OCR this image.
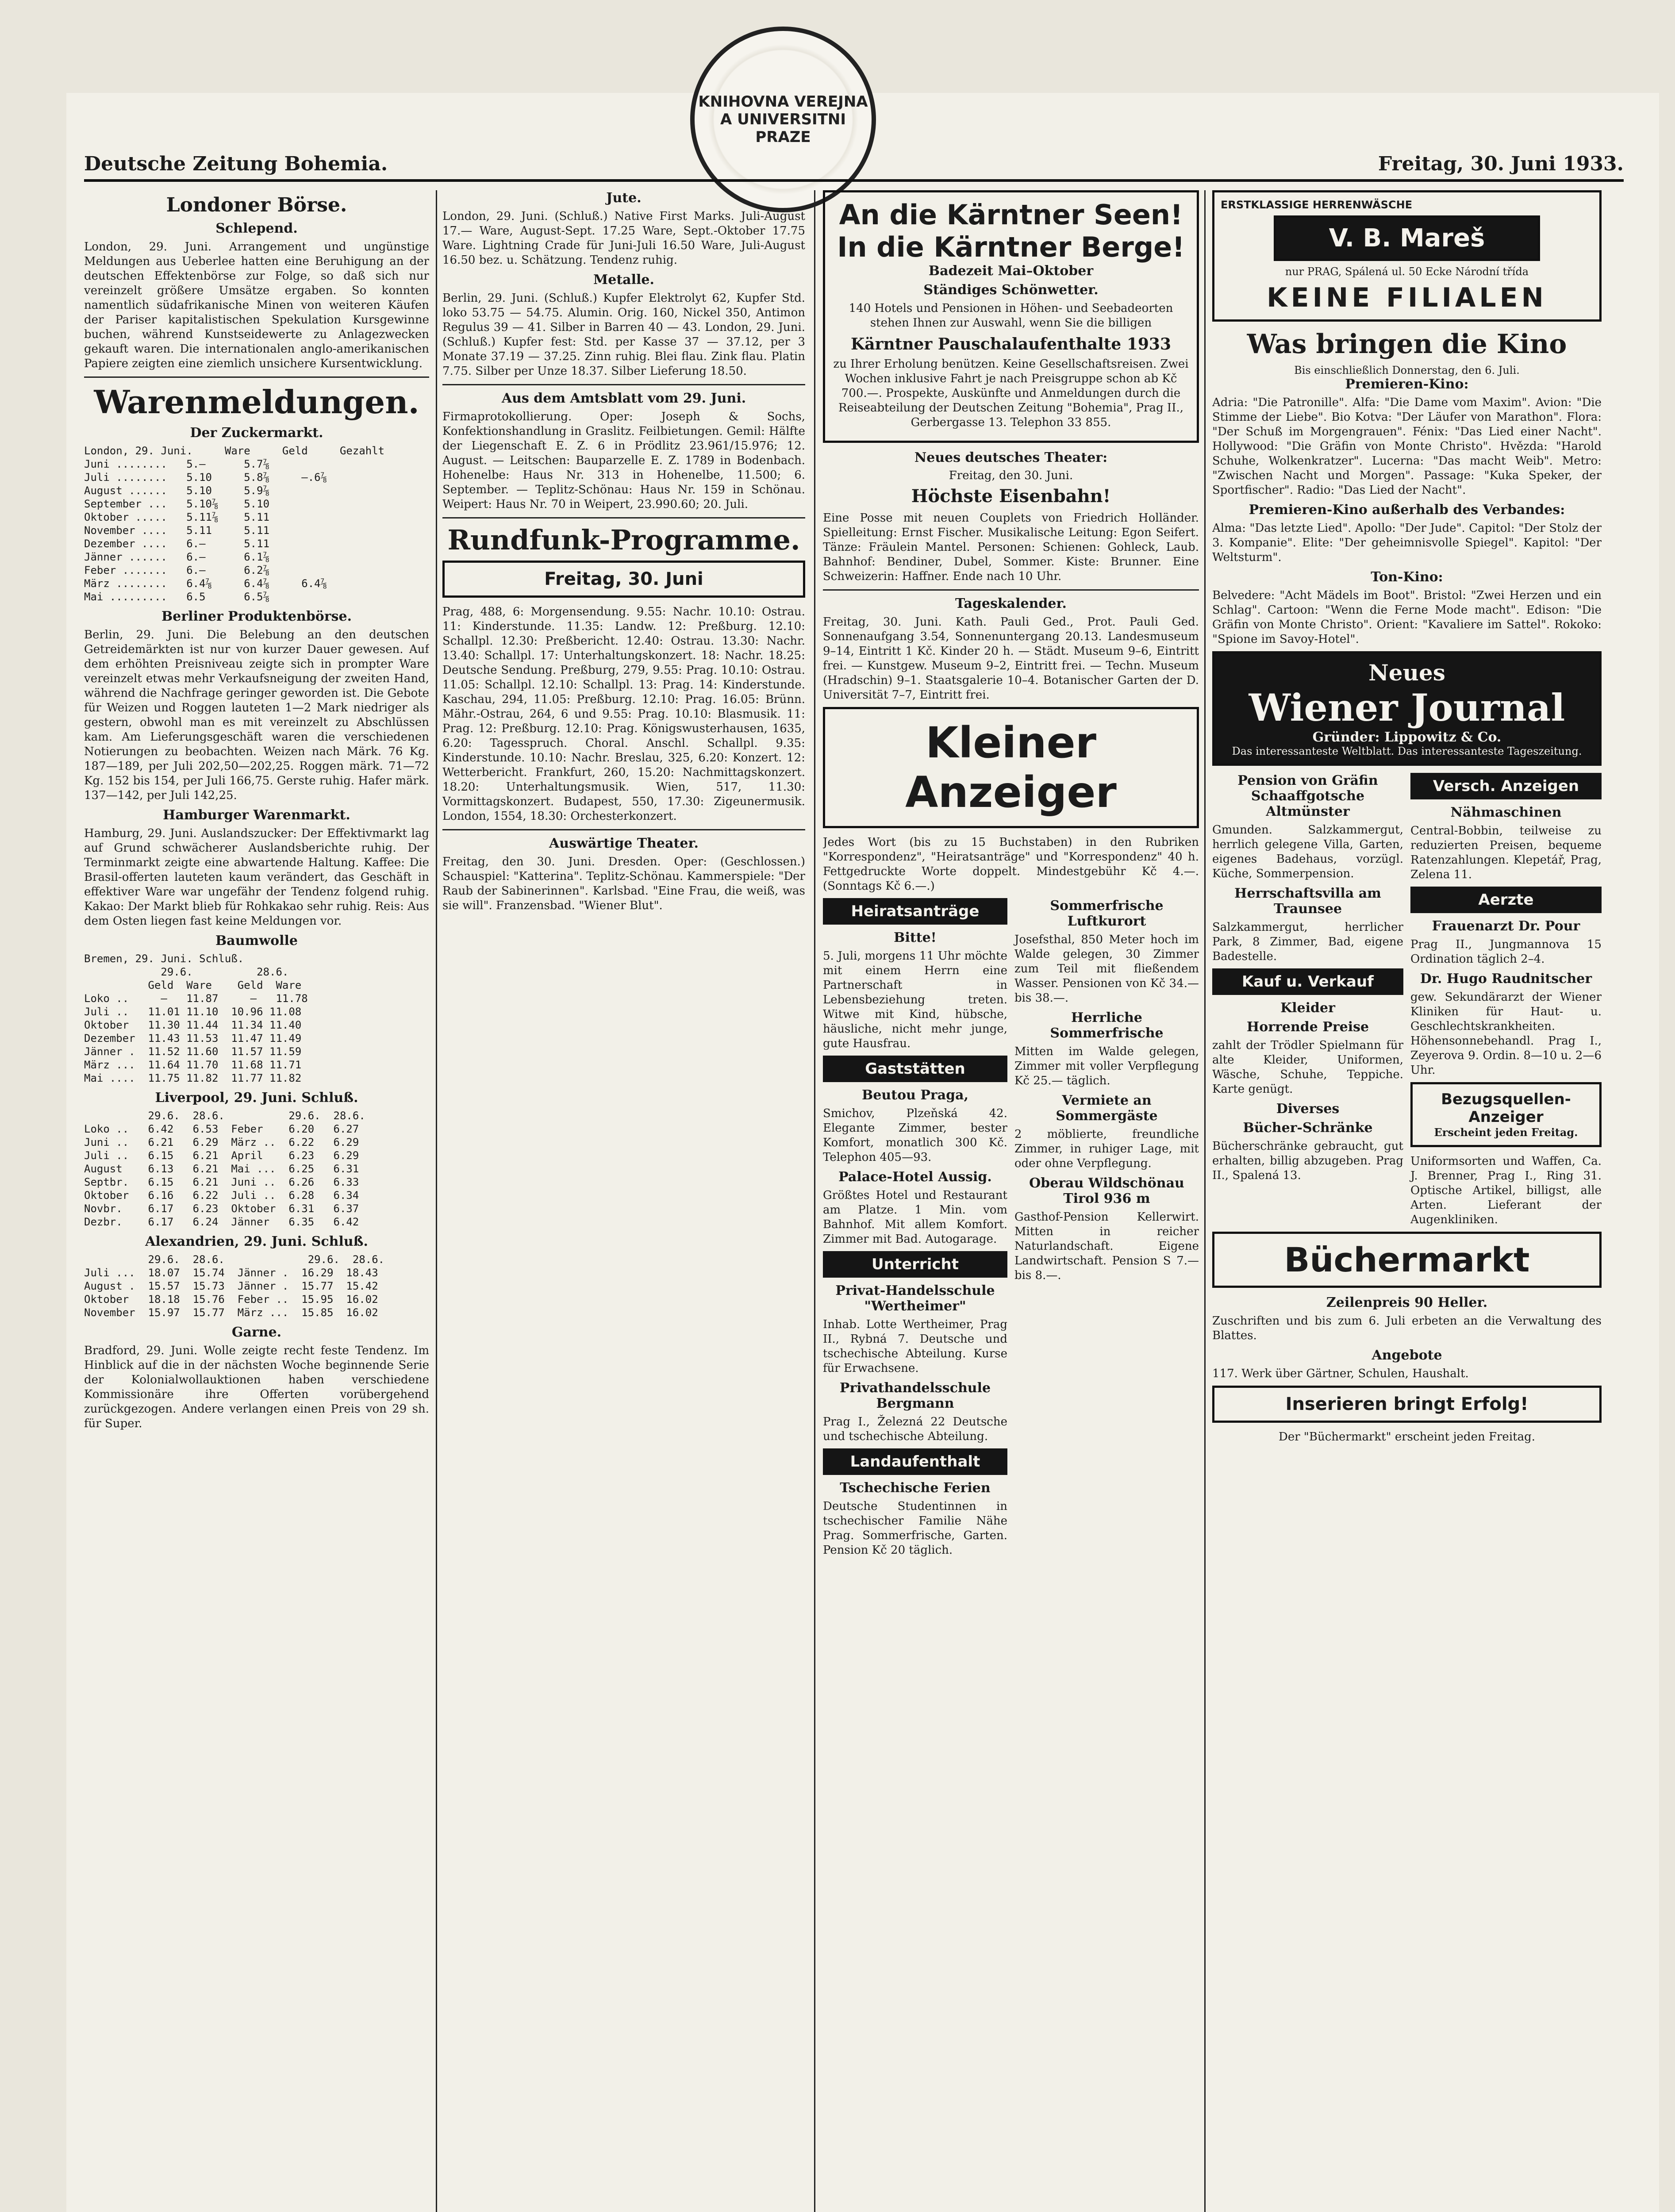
KNIHOVNA VEREJNA A UNIVERSITNI PRAZE
Deutsche Zeitung Bohemia.	Freitag, 30. Juni 1933.
Londoner Börse.
Schlepend.

London, 29. Juni. Arrangement und ungünstige Meldungen aus Ueberlee hatten eine Beruhigung an der deutschen Effektenbörse zur Folge, so daß sich nur vereinzelt größere Umsätze ergaben. So konnten namentlich südafrikanische Minen von weiteren Käufen der Pariser kapitalistischen Spekulation Kursgewinne buchen, während Kunstseidewerte zu Anlagezwecken gekauft waren. Die internationalen anglo-amerikanischen Papiere zeigten eine ziemlich unsichere Kursentwicklung.

Warenmeldungen.
Der Zuckermarkt.
London, 29. Juni.     Ware     Geld     Gezahlt
Juni ........   5.—      5.7⅞
Juli ........   5.10     5.8⅞     —.6⅞
August ......   5.10     5.9⅞
September ...   5.10⅞    5.10
Oktober .....   5.11⅞    5.11
November ....   5.11     5.11
Dezember ....   6.—      5.11
Jänner ......   6.—      6.1⅞
Feber .......   6.—      6.2⅞
März ........   6.4⅞     6.4⅞     6.4⅞
Mai .........   6.5      6.5⅞
Berliner Produktenbörse.

Berlin, 29. Juni. Die Belebung an den deutschen Getreidemärkten ist nur von kurzer Dauer gewesen. Auf dem erhöhten Preisniveau zeigte sich in prompter Ware vereinzelt etwas mehr Verkaufsneigung der zweiten Hand, während die Nachfrage geringer geworden ist. Die Gebote für Weizen und Roggen lauteten 1—2 Mark niedriger als gestern, obwohl man es mit vereinzelt zu Abschlüssen kam. Am Lieferungsgeschäft waren die verschiedenen Notierungen zu beobachten. Weizen nach Märk. 76 Kg. 187—189, per Juli 202,50—202,25. Roggen märk. 71—72 Kg. 152 bis 154, per Juli 166,75. Gerste ruhig. Hafer märk. 137—142, per Juli 142,25.

Hamburger Warenmarkt.

Hamburg, 29. Juni. Auslandszucker: Der Effektivmarkt lag auf Grund schwächerer Auslandsberichte ruhig. Der Terminmarkt zeigte eine abwartende Haltung. Kaffee: Die Brasil-offerten lauteten kaum verändert, das Geschäft in effektiver Ware war ungefähr der Tendenz folgend ruhig. Kakao: Der Markt blieb für Rohkakao sehr ruhig. Reis: Aus dem Osten liegen fast keine Meldungen vor.

Baumwolle
Bremen, 29. Juni. Schluß.
29.6.          28.6.
Geld  Ware    Geld  Ware
Loko ..     —   11.87     —   11.78
Juli ..   11.01 11.10  10.96 11.08
Oktober   11.30 11.44  11.34 11.40
Dezember  11.43 11.53  11.47 11.49
Jänner .  11.52 11.60  11.57 11.59
März ...  11.64 11.70  11.68 11.71
Mai ....  11.75 11.82  11.77 11.82
Liverpool, 29. Juni. Schluß.
29.6.  28.6.          29.6.  28.6.
Loko ..   6.42   6.53  Feber    6.20   6.27
Juni ..   6.21   6.29  März ..  6.22   6.29
Juli ..   6.15   6.21  April    6.23   6.29
August    6.13   6.21  Mai ...  6.25   6.31
Septbr.   6.15   6.21  Juni ..  6.26   6.33
Oktober   6.16   6.22  Juli ..  6.28   6.34
Novbr.    6.17   6.23  Oktober  6.31   6.37
Dezbr.    6.17   6.24  Jänner   6.35   6.42
Alexandrien, 29. Juni. Schluß.
29.6.  28.6.             29.6.  28.6.
Juli ...  18.07  15.74  Jänner .  16.29  18.43
August .  15.57  15.73  Jänner .  15.77  15.42
Oktober   18.18  15.76  Feber ..  15.95  16.02
November  15.97  15.77  März ...  15.85  16.02
Garne.

Bradford, 29. Juni. Wolle zeigte recht feste Tendenz. Im Hinblick auf die in der nächsten Woche beginnende Serie der Kolonialwollauktionen haben verschiedene Kommissionäre ihre Offerten vorübergehend zurückgezogen. Andere verlangen einen Preis von 29 sh. für Super.

Jute.

London, 29. Juni. (Schluß.) Native First Marks. Juli-August 17.— Ware, August-Sept. 17.25 Ware, Sept.-Oktober 17.75 Ware. Lightning Crade für Juni-Juli 16.50 Ware, Juli-August 16.50 bez. u. Schätzung. Tendenz ruhig.

Metalle.

Berlin, 29. Juni. (Schluß.) Kupfer Elektrolyt 62, Kupfer Std. loko 53.75 — 54.75. Alumin. Orig. 160, Nickel 350, Antimon Regulus 39 — 41. Silber in Barren 40 — 43. London, 29. Juni. (Schluß.) Kupfer fest: Std. per Kasse 37 — 37.12, per 3 Monate 37.19 — 37.25. Zinn ruhig. Blei flau. Zink flau. Platin 7.75. Silber per Unze 18.37. Silber Lieferung 18.50.

Aus dem Amtsblatt vom 29. Juni.

Firmaprotokollierung. Oper: Joseph & Sochs, Konfektionshandlung in Graslitz. Feilbietungen. Gemil: Hälfte der Liegenschaft E. Z. 6 in Prödlitz 23.961/15.976; 12. August. — Leitschen: Bauparzelle E. Z. 1789 in Bodenbach. Hohenelbe: Haus Nr. 313 in Hohenelbe, 11.500; 6. September. — Teplitz-Schönau: Haus Nr. 159 in Schönau. Weipert: Haus Nr. 70 in Weipert, 23.990.60; 20. Juli.

Rundfunk-Programme.
Freitag, 30. Juni

Prag, 488, 6: Morgensendung. 9.55: Nachr. 10.10: Ostrau. 11: Kinderstunde. 11.35: Landw. 12: Preßburg. 12.10: Schallpl. 12.30: Preßbericht. 12.40: Ostrau. 13.30: Nachr. 13.40: Schallpl. 17: Unterhaltungskonzert. 18: Nachr. 18.25: Deutsche Sendung. Preßburg, 279, 9.55: Prag. 10.10: Ostrau. 11.05: Schallpl. 12.10: Schallpl. 13: Prag. 14: Kinderstunde. Kaschau, 294, 11.05: Preßburg. 12.10: Prag. 16.05: Brünn. Mähr.-Ostrau, 264, 6 und 9.55: Prag. 10.10: Blasmusik. 11: Prag. 12: Preßburg. 12.10: Prag. Königswusterhausen, 1635, 6.20: Tagesspruch. Choral. Anschl. Schallpl. 9.35: Kinderstunde. 10.10: Nachr. Breslau, 325, 6.20: Konzert. 12: Wetterbericht. Frankfurt, 260, 15.20: Nachmittagskonzert. 18.20: Unterhaltungsmusik. Wien, 517, 11.30: Vormittagskonzert. Budapest, 550, 17.30: Zigeunermusik. London, 1554, 18.30: Orchesterkonzert.

Auswärtige Theater.

Freitag, den 30. Juni. Dresden. Oper: (Geschlossen.) Schauspiel: "Katterina". Teplitz-Schönau. Kammerspiele: "Der Raub der Sabinerinnen". Karlsbad. "Eine Frau, die weiß, was sie will". Franzensbad. "Wiener Blut".

An die Kärntner Seen!
In die Kärntner Berge!
Badezeit Mai–Oktober
Ständiges Schönwetter.

140 Hotels und Pensionen in Höhen- und Seebadeorten stehen Ihnen zur Auswahl, wenn Sie die billigen

Kärntner Pauschalaufenthalte 1933

zu Ihrer Erholung benützen. Keine Gesellschaftsreisen. Zwei Wochen inklusive Fahrt je nach Preisgruppe schon ab Kč 700.—. Prospekte, Auskünfte und Anmeldungen durch die Reiseabteilung der Deutschen Zeitung "Bohemia", Prag II., Gerbergasse 13. Telephon 33 855.

Neues deutsches Theater:
Freitag, den 30. Juni.
Höchste Eisenbahn!

Eine Posse mit neuen Couplets von Friedrich Holländer. Spielleitung: Ernst Fischer. Musikalische Leitung: Egon Seifert. Tänze: Fräulein Mantel. Personen: Schienen: Gohleck, Laub. Bahnhof: Bendiner, Dubel, Sommer. Kiste: Brunner. Eine Schweizerin: Haffner. Ende nach 10 Uhr.

Tageskalender.

Freitag, 30. Juni. Kath. Pauli Ged., Prot. Pauli Ged. Sonnenaufgang 3.54, Sonnenuntergang 20.13. Landesmuseum 9–14, Eintritt 1 Kč. Kinder 20 h. — Städt. Museum 9–6, Eintritt frei. — Kunstgew. Museum 9–2, Eintritt frei. — Techn. Museum (Hradschin) 9–1. Staatsgalerie 10–4. Botanischer Garten der D. Universität 7–7, Eintritt frei.

Kleiner Anzeiger

Jedes Wort (bis zu 15 Buchstaben) in den Rubriken "Korrespondenz", "Heiratsanträge" und "Korrespondenz" 40 h. Fettgedruckte Worte doppelt. Mindestgebühr Kč 4.—. (Sonntags Kč 6.—.)

Heiratsanträge
Bitte!

5. Juli, morgens 11 Uhr möchte mit einem Herrn eine Partnerschaft in Lebensbeziehung treten. Witwe mit Kind, hübsche, häusliche, nicht mehr junge, gute Hausfrau.

Gaststätten
Beutou Praga,

Smichov, Plzeňská 42. Elegante Zimmer, bester Komfort, monatlich 300 Kč. Telephon 405—93.

Palace-Hotel Aussig.

Größtes Hotel und Restaurant am Platze. 1 Min. vom Bahnhof. Mit allem Komfort. Zimmer mit Bad. Autogarage.

Unterricht
Privat-Handelsschule "Wertheimer"

Inhab. Lotte Wertheimer, Prag II., Rybná 7. Deutsche und tschechische Abteilung. Kurse für Erwachsene.

Privathandelsschule Bergmann

Prag I., Železná 22 Deutsche und tschechische Abteilung.

Landaufenthalt
Tschechische Ferien

Deutsche Studentinnen in tschechischer Familie Nähe Prag. Sommerfrische, Garten. Pension Kč 20 täglich.

Sommerfrische Luftkurort

Josefsthal, 850 Meter hoch im Walde gelegen, 30 Zimmer zum Teil mit fließendem Wasser. Pensionen von Kč 34.— bis 38.—.

Herrliche Sommerfrische

Mitten im Walde gelegen, Zimmer mit voller Verpflegung Kč 25.— täglich.

Vermiete an Sommergäste

2 möblierte, freundliche Zimmer, in ruhiger Lage, mit oder ohne Verpflegung.

Oberau Wildschönau Tirol 936 m

Gasthof-Pension Kellerwirt. Mitten in reicher Naturlandschaft. Eigene Landwirtschaft. Pension S 7.— bis 8.—.

ERSTKLASSIGE HERRENWÄSCHE
V. B. Mareš
nur PRAG, Spálená ul. 50 Ecke Národní třída
KEINE FILIALEN
Was bringen die Kino
Bis einschließlich Donnerstag, den 6. Juli.
Premieren-Kino:

Adria: "Die Patronille". Alfa: "Die Dame vom Maxim". Avion: "Die Stimme der Liebe". Bio Kotva: "Der Läufer von Marathon". Flora: "Der Schuß im Morgengrauen". Fénix: "Das Lied einer Nacht". Hollywood: "Die Gräfin von Monte Christo". Hvězda: "Harold Schuhe, Wolkenkratzer". Lucerna: "Das macht Weib". Metro: "Zwischen Nacht und Morgen". Passage: "Kuka Speker, der Sportfischer". Radio: "Das Lied der Nacht".

Premieren-Kino außerhalb des Verbandes:

Alma: "Das letzte Lied". Apollo: "Der Jude". Capitol: "Der Stolz der 3. Kompanie". Elite: "Der geheimnisvolle Spiegel". Kapitol: "Der Weltsturm".

Ton-Kino:

Belvedere: "Acht Mädels im Boot". Bristol: "Zwei Herzen und ein Schlag". Cartoon: "Wenn die Ferne Mode macht". Edison: "Die Gräfin von Monte Christo". Orient: "Kavaliere im Sattel". Rokoko: "Spione im Savoy-Hotel".

Neues
Wiener Journal
Gründer: Lippowitz & Co.
Das interessanteste Weltblatt. Das interessanteste Tageszeitung.
Pension von Gräfin Schaaffgotsche Altmünster

Gmunden. Salzkammergut, herrlich gelegene Villa, Garten, eigenes Badehaus, vorzügl. Küche, Sommerpension.

Herrschaftsvilla am Traunsee

Salzkammergut, herrlicher Park, 8 Zimmer, Bad, eigene Badestelle.

Kauf u. Verkauf
Kleider
Horrende Preise

zahlt der Trödler Spielmann für alte Kleider, Uniformen, Wäsche, Schuhe, Teppiche. Karte genügt.

Diverses
Bücher-Schränke

Bücherschränke gebraucht, gut erhalten, billig abzugeben. Prag II., Spalená 13.

Versch. Anzeigen
Nähmaschinen

Central-Bobbin, teilweise zu reduzierten Preisen, bequeme Ratenzahlungen. Klepetář, Prag, Zelena 11.

Aerzte
Frauenarzt Dr. Pour

Prag II., Jungmannova 15 Ordination täglich 2–4.

Dr. Hugo Raudnitscher

gew. Sekundärarzt der Wiener Kliniken für Haut- u. Geschlechtskrankheiten. Höhensonnebehandl. Prag I., Zeyerova 9. Ordin. 8—10 u. 2—6 Uhr.

Bezugsquellen-Anzeiger
Erscheint jeden Freitag.

Uniformsorten und Waffen, Ca. J. Brenner, Prag I., Ring 31. Optische Artikel, billigst, alle Arten. Lieferant der Augenkliniken.

Büchermarkt
Zeilenpreis 90 Heller.

Zuschriften und bis zum 6. Juli erbeten an die Verwaltung des Blattes.

Angebote

117. Werk über Gärtner, Schulen, Haushalt.

Inserieren bringt Erfolg!

Der "Büchermarkt" erscheint jeden Freitag.
